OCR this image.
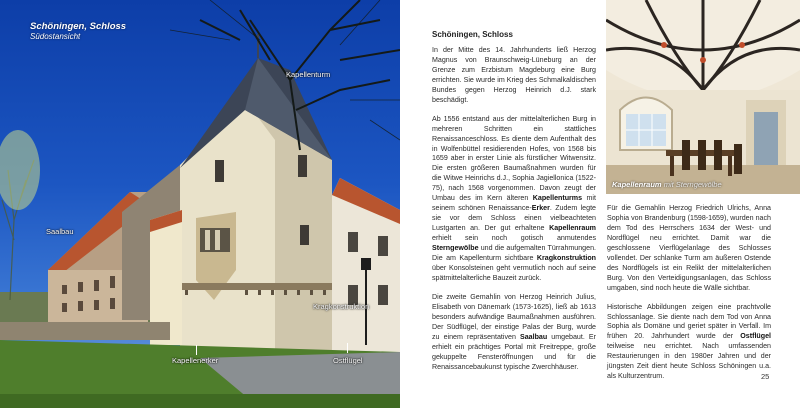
Schöningen, Schloss
Südostansicht
Kapellenturm
Saalbau
Kragkonstruktion
Kapellenerker	Ostflügel
Schöningen, Schloss

In der Mitte des 14. Jahrhunderts ließ Herzog Magnus von Braunschweig-Lüneburg an der Grenze zum Erzbistum Magdeburg eine Burg errichten. Sie wurde im Krieg des Schmalkaldischen Bundes gegen Herzog Heinrich d.J. stark beschädigt.

Ab 1556 entstand aus der mittelalterlichen Burg in mehreren Schritten ein stattliches Renaissanceschloss. Es diente dem Aufenthalt des in Wolfenbüttel residierenden Hofes, von 1568 bis 1659 aber in erster Linie als fürstlicher Witwensitz. Die ersten größeren Baumaßnahmen wurden für die Witwe Heinrichs d.J., Sophia Jagiellonica (1522-75), nach 1568 vorgenommen. Davon zeugt der Umbau des im Kern älteren Kapellenturms mit seinem schönen Renaissance-Erker. Zudem legte sie vor dem Schloss einen vielbeachteten Lustgarten an. Der gut erhaltene Kapellenraum erhielt sein noch gotisch anmutendes Sterngewölbe und die aufgemalten Türrahmungen. Die am Kapellenturm sichtbare Kragkonstruktion über Konsolsteinen geht vermutlich noch auf seine spätmittelalterliche Bauzeit zurück.

Die zweite Gemahlin von Herzog Heinrich Julius, Elisabeth von Dänemark (1573-1625), ließ ab 1613 besonders aufwändige Baumaßnahmen ausführen. Der Südflügel, der einstige Palas der Burg, wurde zu einem repräsentativen Saalbau umgebaut. Er erhielt ein prächtiges Portal mit Freitreppe, große gekuppelte Fensteröffnungen und für die Renaissancebaukunst typische Zwerchhäuser.

Kapellenraum mit Sterngewölbe

Für die Gemahlin Herzog Friedrich Ulrichs, Anna Sophia von Brandenburg (1598-1659), wurden nach dem Tod des Herrschers 1634 der West- und Nordflügel neu errichtet. Damit war die geschlossene Vierflügelanlage des Schlosses vollendet. Der schlanke Turm am äußeren Ostende des Nordflügels ist ein Relikt der mittelalterlichen Burg. Von den Verteidigungsanlagen, das Schloss umgaben, sind noch heute die Wälle sichtbar.

Historische Abbildungen zeigen eine prachtvolle Schlossanlage. Sie diente nach dem Tod von Anna Sophia als Domäne und geriet später in Verfall. Im frühen 20. Jahrhundert wurde der Ostflügel teilweise neu errichtet. Nach umfassenden Restaurierungen in den 1980er Jahren und der jüngsten Zeit dient heute Schloss Schöningen u.a. als Kulturzentrum.	25
